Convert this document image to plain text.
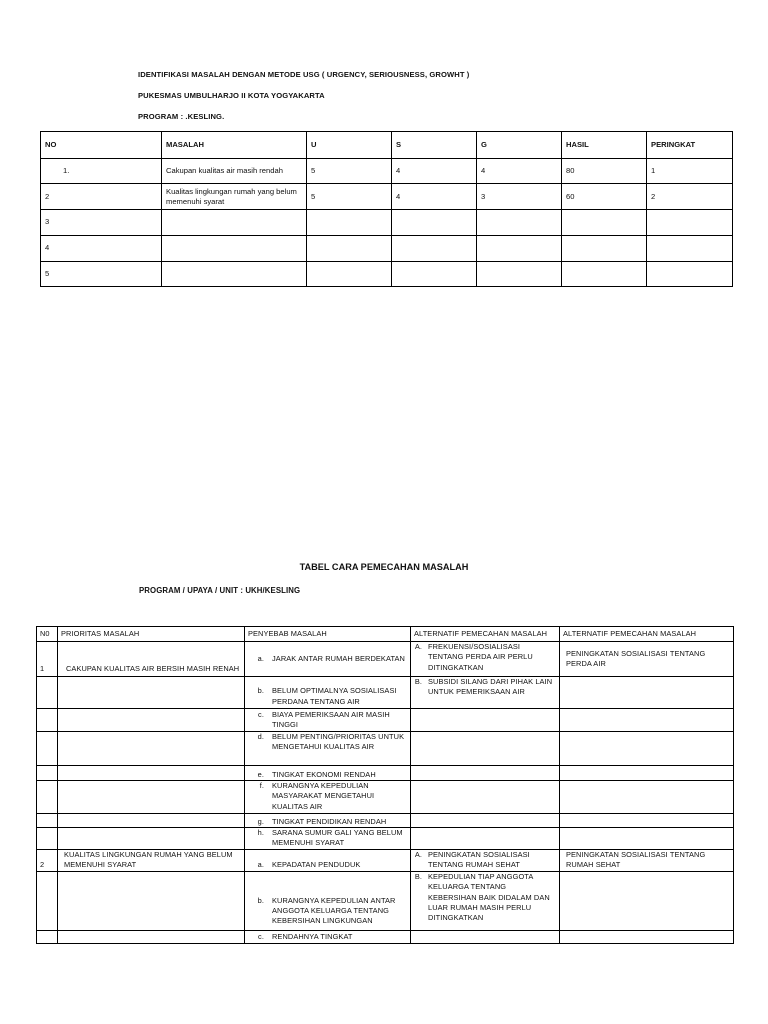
IDENTIFIKASI MASALAH DENGAN METODE USG ( URGENCY, SERIOUSNESS, GROWHT )
PUKESMAS UMBULHARJO II KOTA YOGYAKARTA
PROGRAM : .KESLING.
NO	MASALAH	U	S	G	HASIL	PERINGKAT
1.	Cakupan kualitas air masih rendah	5	4	4	80	1
2	Kualitas lingkungan rumah yang belum memenuhi syarat	5	4	3	60	2
3						
4						
5						
TABEL CARA PEMECAHAN MASALAH
PROGRAM / UPAYA / UNIT : UKH/KESLING
N0	PRIORITAS MASALAH	PENYEBAB MASALAH	ALTERNATIF PEMECAHAN MASALAH	ALTERNATIF PEMECAHAN MASALAH
1	CAKUPAN KUALITAS AIR BERSIH MASIH RENAH	a. JARAK ANTAR RUMAH BERDEKATAN	A. FREKUENSI/SOSIALISASI TENTANG PERDA AIR PERLU DITINGKATKAN	PENINGKATAN SOSIALISASI TENTANG PERDA AIR

		b. BELUM OPTIMALNYA SOSIALISASI PERDANA TENTANG AIR	B. SUBSIDI SILANG DARI PIHAK LAIN UNTUK PEMERIKSAAN AIR	

		c. BIAYA PEMERIKSAAN AIR MASIH TINGGI		

		d. BELUM PENTING/PRIORITAS UNTUK MENGETAHUI KUALITAS AIR		

		e. TINGKAT EKONOMI RENDAH		

		f. KURANGNYA KEPEDULIAN MASYARAKAT MENGETAHUI KUALITAS AIR		

		g. TINGKAT PENDIDIKAN RENDAH		

		h. SARANA SUMUR GALI YANG BELUM MEMENUHI SYARAT		

2	KUALITAS LINGKUNGAN RUMAH YANG BELUM MEMENUHI SYARAT	a. KEPADATAN PENDUDUK	A. PENINGKATAN SOSIALISASI TENTANG RUMAH SEHAT	PENINGKATAN SOSIALISASI TENTANG RUMAH SEHAT

		b. KURANGNYA KEPEDULIAN ANTAR ANGGOTA KELUARGA TENTANG KEBERSIHAN LINGKUNGAN	B. KEPEDULIAN TIAP ANGGOTA KELUARGA TENTANG KEBERSIHAN BAIK DIDALAM DAN LUAR RUMAH MASIH PERLU DITINGKATKAN	

		c. RENDAHNYA TINGKAT		
